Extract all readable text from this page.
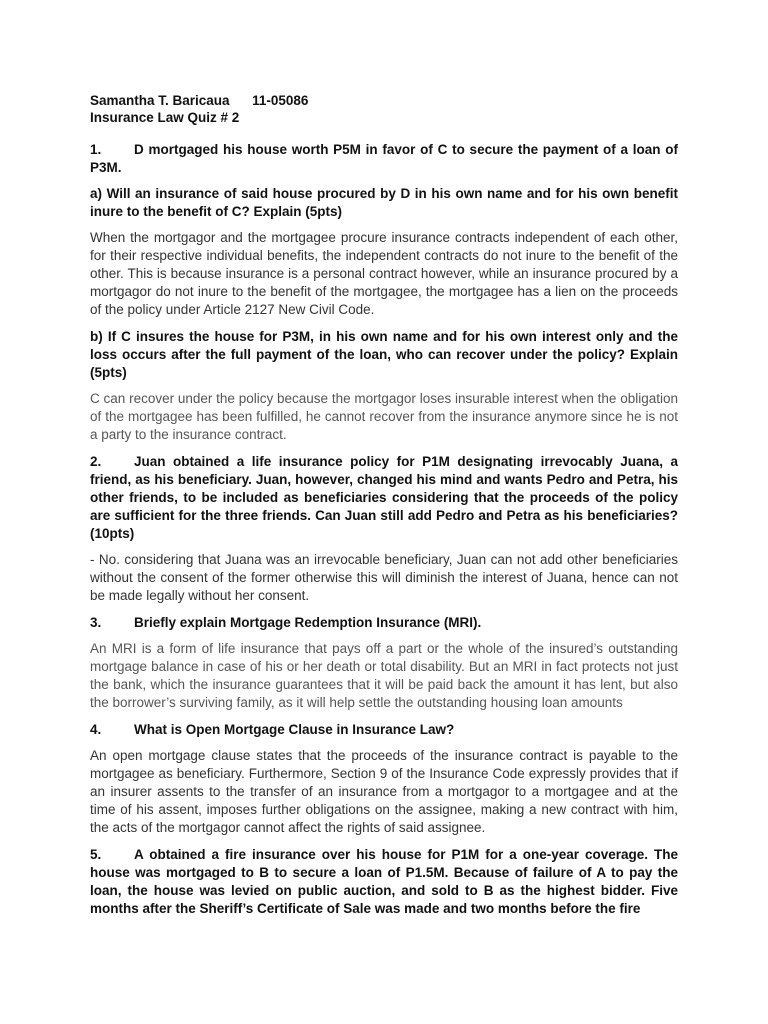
Samantha T. Baricaua 11-05086
Insurance Law Quiz # 2

1. D mortgaged his house worth P5M in favor of C to secure the payment of a loan of P3M.

a) Will an insurance of said house procured by D in his own name and for his own benefit inure to the benefit of C? Explain (5pts)

When the mortgagor and the mortgagee procure insurance contracts independent of each other, for their respective individual benefits, the independent contracts do not inure to the benefit of the other. This is because insurance is a personal contract however, while an insurance procured by a mortgagor do not inure to the benefit of the mortgagee, the mortgagee has a lien on the proceeds of the policy under Article 2127 New Civil Code.

b) If C insures the house for P3M, in his own name and for his own interest only and the loss occurs after the full payment of the loan, who can recover under the policy? Explain (5pts)

C can recover under the policy because the mortgagor loses insurable interest when the obligation of the mortgagee has been fulfilled, he cannot recover from the insurance anymore since he is not a party to the insurance contract.

2. Juan obtained a life insurance policy for P1M designating irrevocably Juana, a friend, as his beneficiary. Juan, however, changed his mind and wants Pedro and Petra, his other friends, to be included as beneficiaries considering that the proceeds of the policy are sufficient for the three friends. Can Juan still add Pedro and Petra as his beneficiaries? (10pts)

- No. considering that Juana was an irrevocable beneficiary, Juan can not add other beneficiaries without the consent of the former otherwise this will diminish the interest of Juana, hence can not be made legally without her consent.

3. Briefly explain Mortgage Redemption Insurance (MRI).

An MRI is a form of life insurance that pays off a part or the whole of the insured’s outstanding mortgage balance in case of his or her death or total disability. But an MRI in fact protects not just the bank, which the insurance guarantees that it will be paid back the amount it has lent, but also the borrower’s surviving family, as it will help settle the outstanding housing loan amounts

4. What is Open Mortgage Clause in Insurance Law?

An open mortgage clause states that the proceeds of the insurance contract is payable to the mortgagee as beneficiary. Furthermore, Section 9 of the Insurance Code expressly provides that if an insurer assents to the transfer of an insurance from a mortgagor to a mortgagee and at the time of his assent, imposes further obligations on the assignee, making a new contract with him, the acts of the mortgagor cannot affect the rights of said assignee.

5. A obtained a fire insurance over his house for P1M for a one-year coverage. The house was mortgaged to B to secure a loan of P1.5M. Because of failure of A to pay the loan, the house was levied on public auction, and sold to B as the highest bidder. Five months after the Sheriff’s Certificate of Sale was made and two months before the fire
